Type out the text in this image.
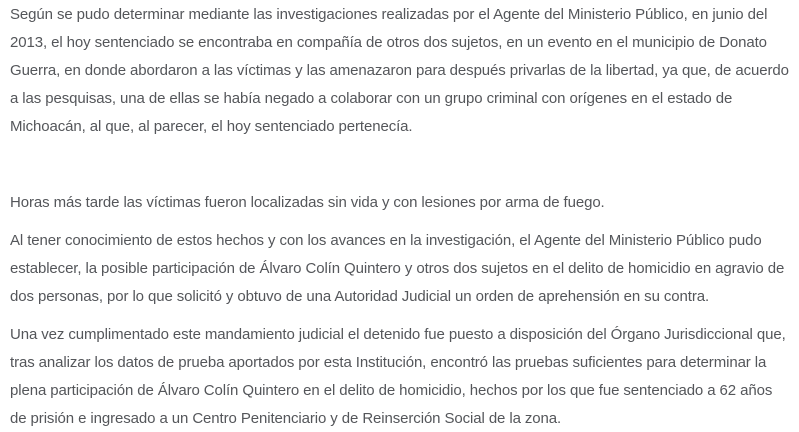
Según se pudo determinar mediante las investigaciones realizadas por el Agente del Ministerio Público, en junio del 2013, el hoy sentenciado se encontraba en compañía de otros dos sujetos, en un evento en el municipio de Donato Guerra, en donde abordaron a las víctimas y las amenazaron para después privarlas de la libertad, ya que, de acuerdo a las pesquisas, una de ellas se había negado a colaborar con un grupo criminal con orígenes en el estado de Michoacán, al que, al parecer, el hoy sentenciado pertenecía.

Horas más tarde las víctimas fueron localizadas sin vida y con lesiones por arma de fuego.

Al tener conocimiento de estos hechos y con los avances en la investigación, el Agente del Ministerio Público pudo establecer, la posible participación de Álvaro Colín Quintero y otros dos sujetos en el delito de homicidio en agravio de dos personas, por lo que solicitó y obtuvo de una Autoridad Judicial un orden de aprehensión en su contra.

Una vez cumplimentado este mandamiento judicial el detenido fue puesto a disposición del Órgano Jurisdiccional que, tras analizar los datos de prueba aportados por esta Institución, encontró las pruebas suficientes para determinar la plena participación de Álvaro Colín Quintero en el delito de homicidio, hechos por los que fue sentenciado a 62 años de prisión e ingresado a un Centro Penitenciario y de Reinserción Social de la zona.
